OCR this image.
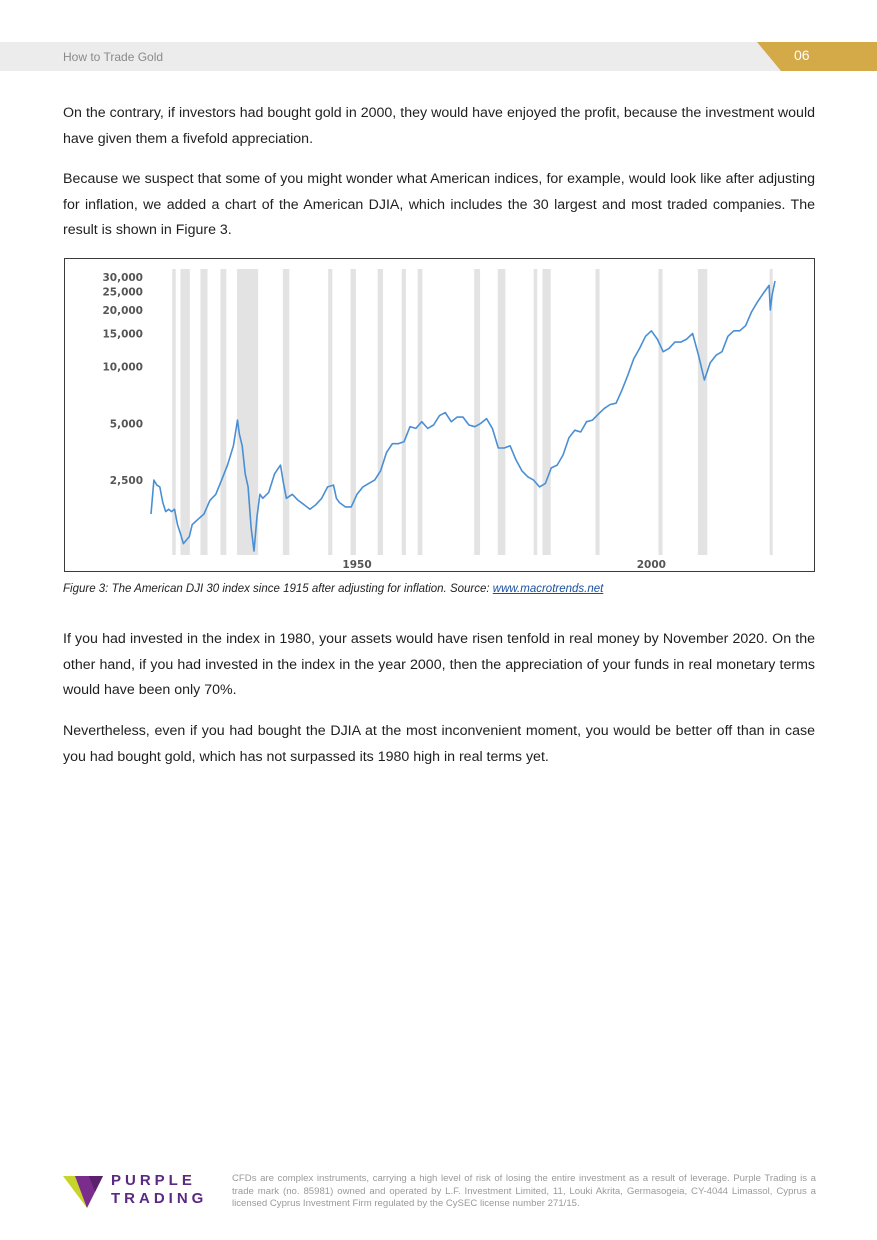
How to Trade Gold	06

On the contrary, if investors had bought gold in 2000, they would have enjoyed the profit, because the investment would have given them a fivefold appreciation.

Because we suspect that some of you might wonder what American indices, for example, would look like after adjusting for inflation, we added a chart of the American DJIA, which includes the 30 largest and most traded companies. The result is shown in Figure 3.

2,500
5,000
10,000
15,000
20,000
25,000
30,000
1950	2000
Figure 3: The American DJI 30 index since 1915 after adjusting for inflation. Source: www.macrotrends.net

If you had invested in the index in 1980, your assets would have risen tenfold in real money by November 2020. On the other hand, if you had invested in the index in the year 2000, then the appreciation of your funds in real monetary terms would have been only 70%.

Nevertheless, even if you had bought the DJIA at the most inconvenient moment, you would be better off than in case you had bought gold, which has not surpassed its 1980 high in real terms yet.

PURPLE
TRADING

CFDs are complex instruments, carrying a high level of risk of losing the entire investment as a result of leverage. Purple Trading is a trade mark (no. 85981) owned and operated by L.F. Investment Limited, 11, Louki Akrita, Germasogeia, CY-4044 Limassol, Cyprus a licensed Cyprus Investment Firm regulated by the CySEC license number 271/15.
